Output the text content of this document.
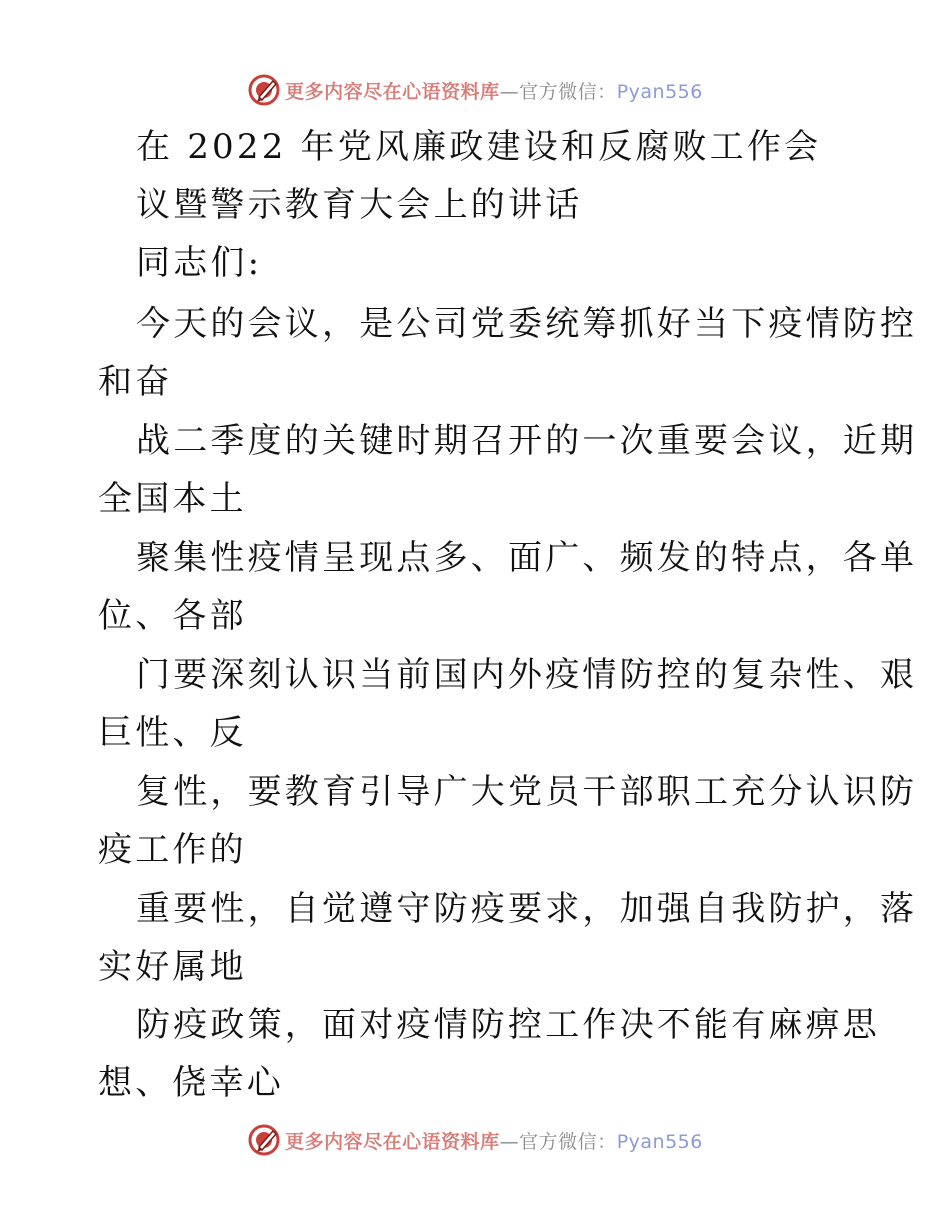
更多内容尽在心语资料库—官方微信：Pyan556
在 2022 年党风廉政建设和反腐败工作会
议暨警示教育大会上的讲话
同志们:
今天的会议，是公司党委统筹抓好当下疫情防控
和奋
战二季度的关键时期召开的一次重要会议，近期
全国本土
聚集性疫情呈现点多、面广、频发的特点，各单
位、各部
门要深刻认识当前国内外疫情防控的复杂性、艰
巨性、反
复性，要教育引导广大党员干部职工充分认识防
疫工作的
重要性，自觉遵守防疫要求，加强自我防护，落
实好属地
防疫政策，面对疫情防控工作决不能有麻痹思
想、侥幸心
更多内容尽在心语资料库—官方微信：Pyan556
